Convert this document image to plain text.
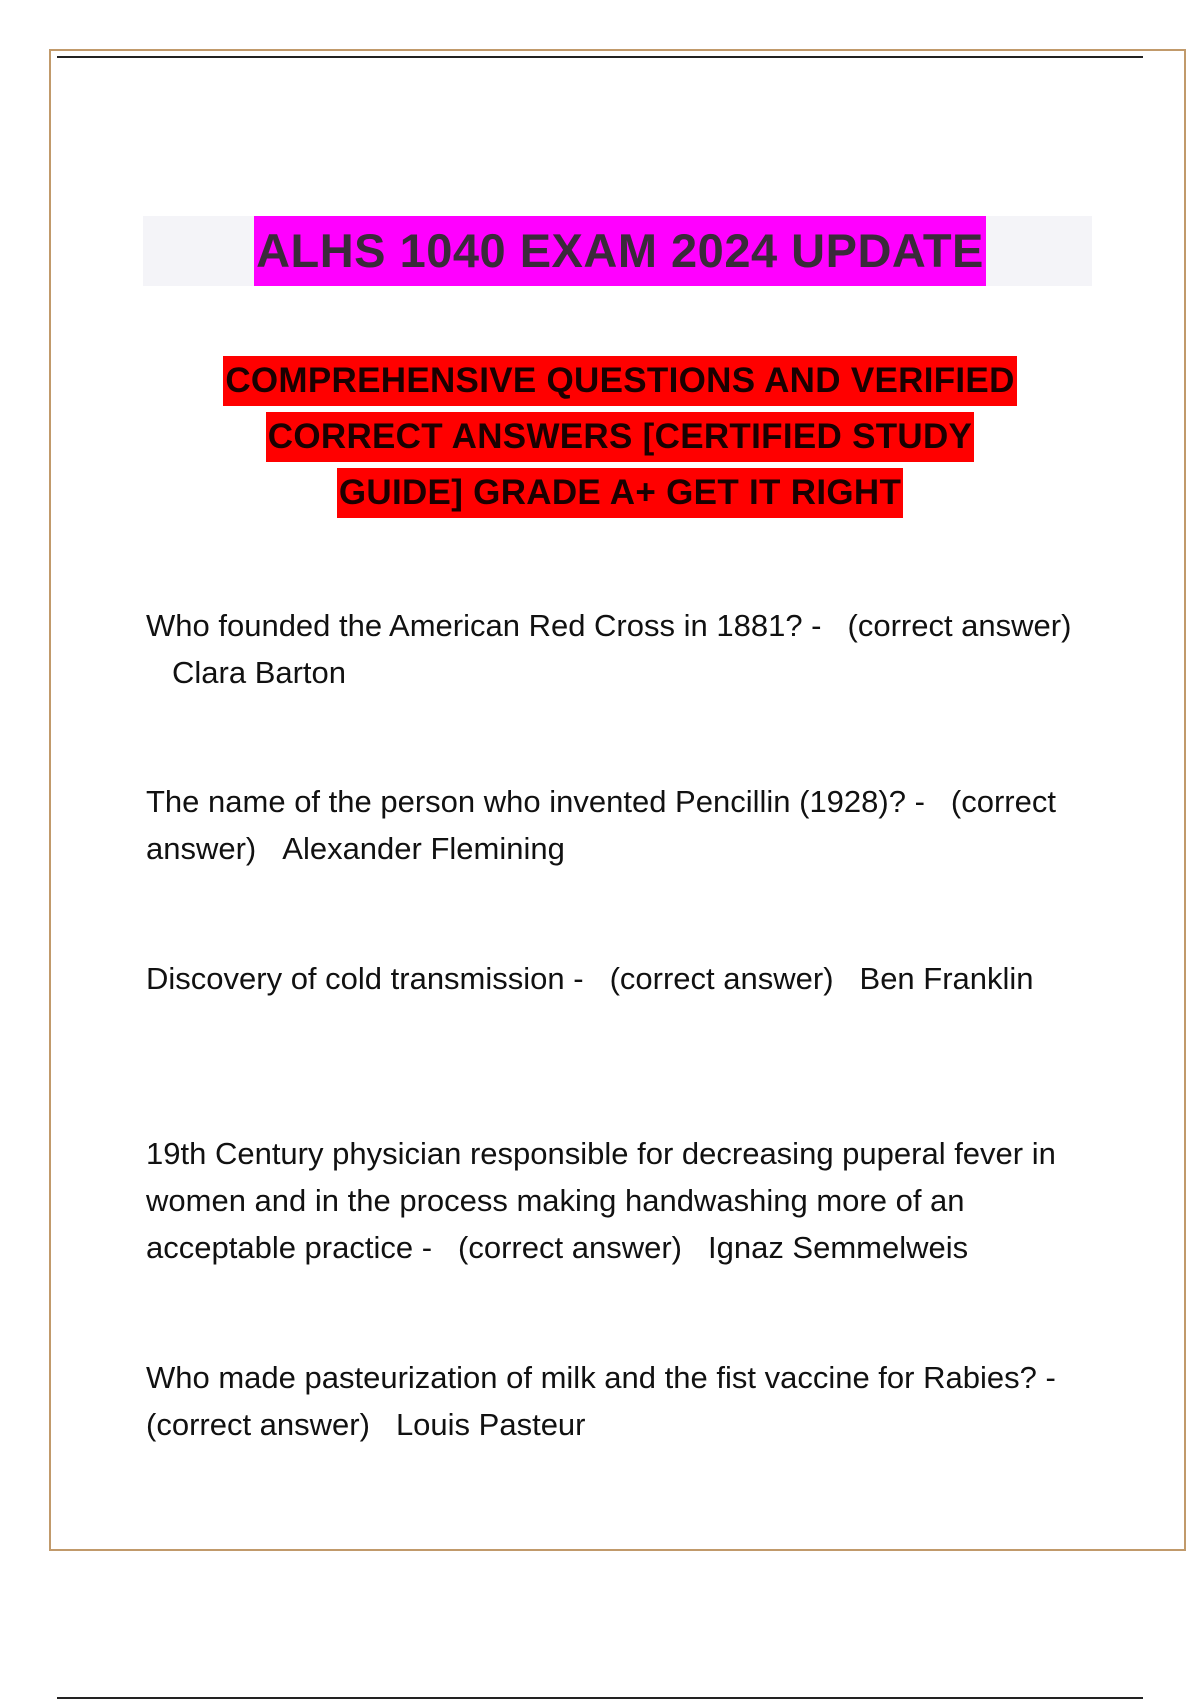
ALHS 1040 EXAM 2024 UPDATE
COMPREHENSIVE QUESTIONS AND VERIFIED
CORRECT ANSWERS [CERTIFIED STUDY
GUIDE] GRADE A+ GET IT RIGHT
Who founded the American Red Cross in 1881? - (correct answer)Clara Barton
The name of the person who invented Pencillin (1928)? - (correct answer) Alexander Flemining
Discovery of cold transmission - (correct answer) Ben Franklin
19th Century physician responsible for decreasing puperal fever in women and in the process making handwashing more of an acceptable practice - (correct answer) Ignaz Semmelweis
Who made pasteurization of milk and the fist vaccine for Rabies? -(correct answer) Louis Pasteur
